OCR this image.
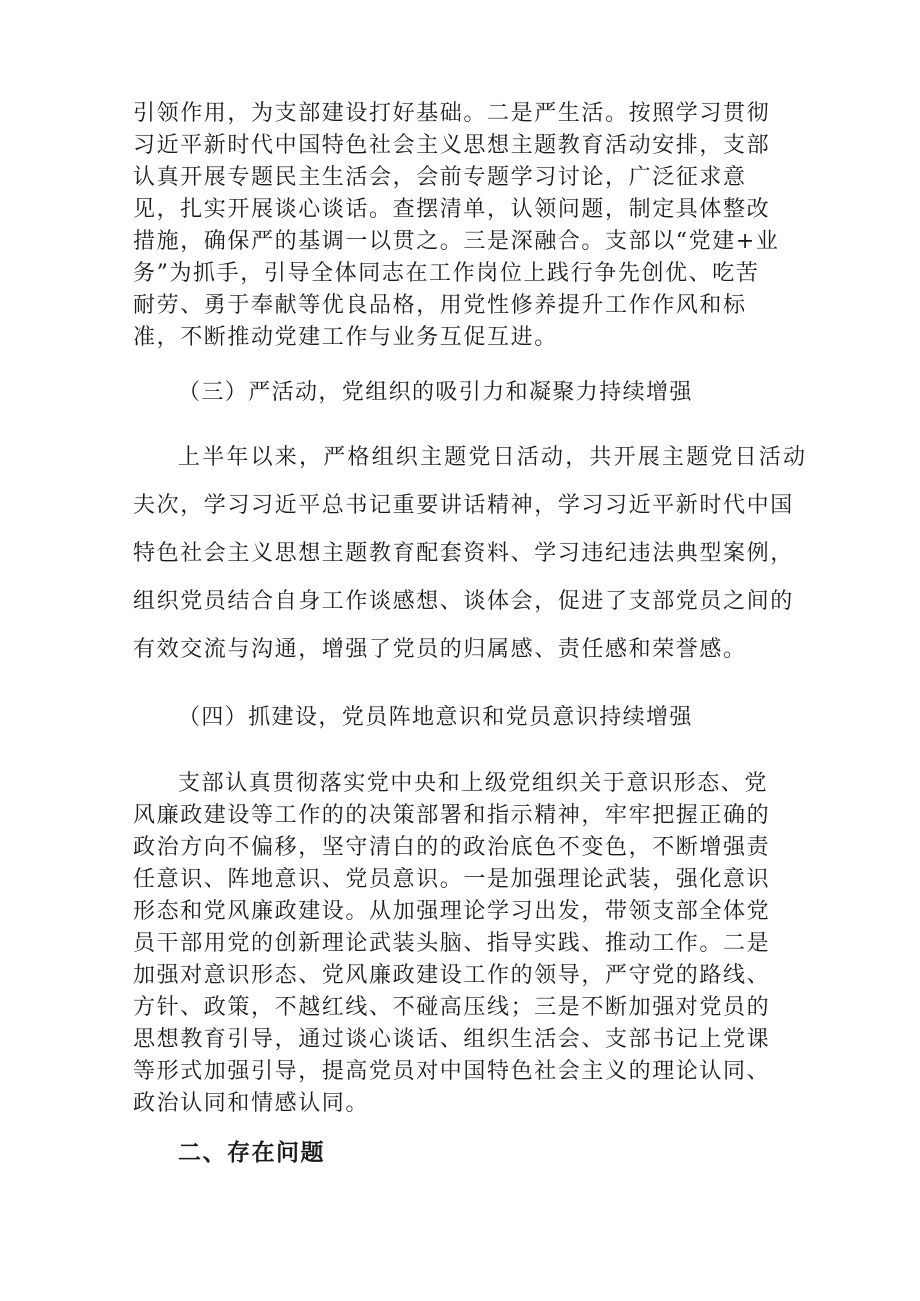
引领作用，为支部建设打好基础。二是严生活。按照学习贯彻
习近平新时代中国特色社会主义思想主题教育活动安排，支部
认真开展专题民主生活会，会前专题学习讨论，广泛征求意
见，扎实开展谈心谈话。查摆清单，认领问题，制定具体整改
措施，确保严的基调一以贯之。三是深融合。支部以“党建+业
务”为抓手，引导全体同志在工作岗位上践行争先创优、吃苦
耐劳、勇于奉献等优良品格，用党性修养提升工作作风和标
准，不断推动党建工作与业务互促互进。
（三）严活动，党组织的吸引力和凝聚力持续增强
上半年以来，严格组织主题党日活动，共开展主题党日活动
夫次，学习习近平总书记重要讲话精神，学习习近平新时代中国
特色社会主义思想主题教育配套资料、学习违纪违法典型案例，
组织党员结合自身工作谈感想、谈体会，促进了支部党员之间的
有效交流与沟通，增强了党员的归属感、责任感和荣誉感。
（四）抓建设，党员阵地意识和党员意识持续增强
支部认真贯彻落实党中央和上级党组织关于意识形态、党
风廉政建设等工作的的决策部署和指示精神，牢牢把握正确的
政治方向不偏移，坚守清白的的政治底色不变色，不断增强责
任意识、阵地意识、党员意识。一是加强理论武装，强化意识
形态和党风廉政建设。从加强理论学习出发，带领支部全体党
员干部用党的创新理论武装头脑、指导实践、推动工作。二是
加强对意识形态、党风廉政建设工作的领导，严守党的路线、
方针、政策，不越红线、不碰高压线；三是不断加强对党员的
思想教育引导，通过谈心谈话、组织生活会、支部书记上党课
等形式加强引导，提高党员对中国特色社会主义的理论认同、
政治认同和情感认同。
二、存在问题
